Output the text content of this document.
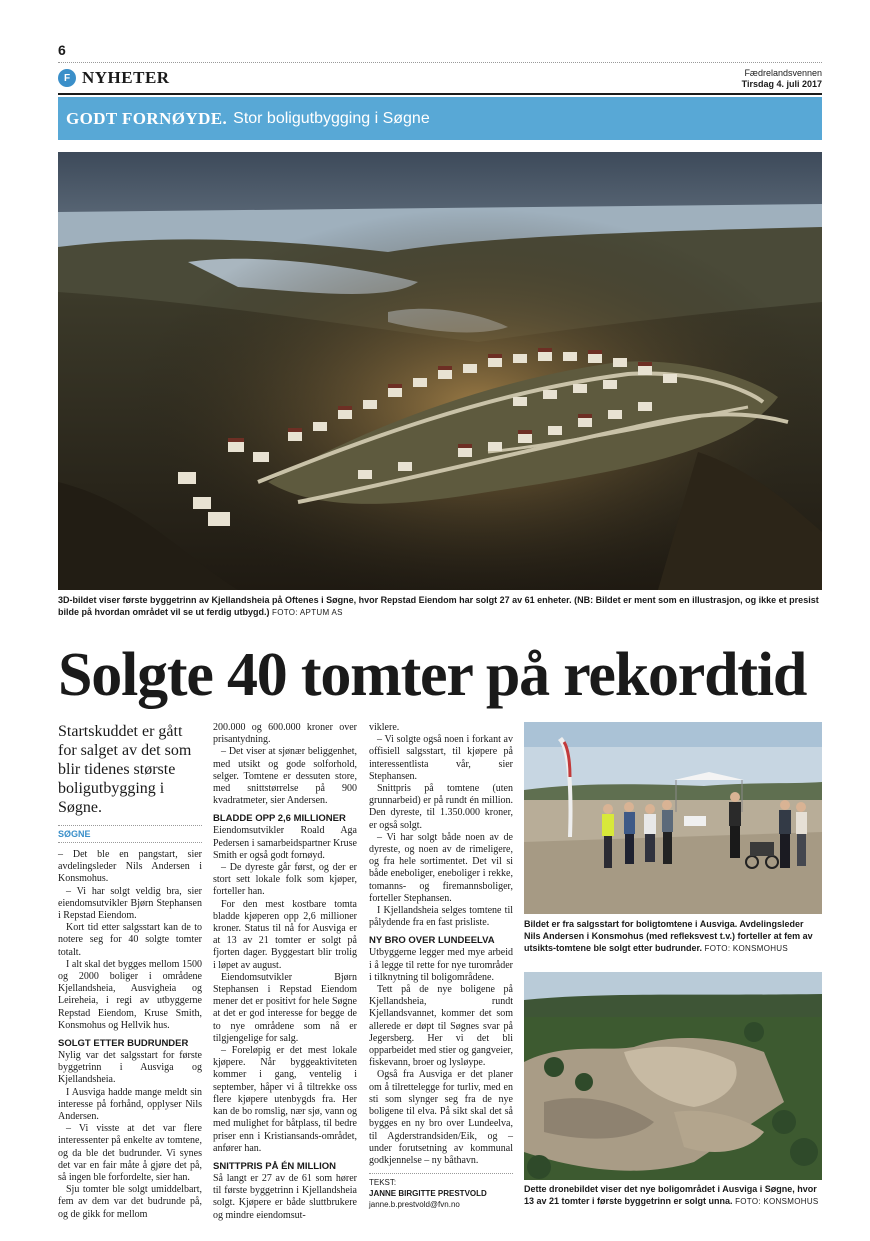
6
F NYHETER	Fædrelandsvennen
Tirsdag 4. juli 2017
GODT FORNØYDE. Stor boligutbygging i Søgne
3D-bildet viser første byggetrinn av Kjellandsheia på Oftenes i Søgne, hvor Repstad Eiendom har solgt 27 av 61 enheter. (NB: Bildet er ment som en illustrasjon, og ikke et presist bilde på hvordan området vil se ut ferdig utbygd.) FOTO: APTUM AS
Solgte 40 tomter på rekordtid
Startskuddet er gått for salget av det som blir tidenes største boligutbygging i Søgne.
SØGNE

– Det ble en pangstart, sier avdelingsleder Nils Andersen i Konsmohus.

– Vi har solgt veldig bra, sier eiendomsutvikler Bjørn Stephansen i Repstad Eiendom.

Kort tid etter salgsstart kan de to notere seg for 40 solgte tomter totalt.

I alt skal det bygges mellom 1500 og 2000 boliger i områdene Kjellandsheia, Ausvigheia og Leireheia, i regi av utbyggerne Repstad Eiendom, Kruse Smith, Konsmohus og Hellvik hus.

SOLGT ETTER BUDRUNDER

Nylig var det salgsstart for første byggetrinn i Ausviga og Kjellandsheia.

I Ausviga hadde mange meldt sin interesse på forhånd, opplyser Nils Andersen.

– Vi visste at det var flere interessenter på enkelte av tomtene, og da ble det budrunder. Vi synes det var en fair måte å gjøre det på, så ingen ble forfordelte, sier han.

Sju tomter ble solgt umiddelbart, fem av dem var det budrunde på, og de gikk for mellom

200.000 og 600.000 kroner over prisantydning.

– Det viser at sjønær beliggenhet, med utsikt og gode solforhold, selger. Tomtene er dessuten store, med snittstørrelse på 900 kvadratmeter, sier Andersen.

BLADDE OPP 2,6 MILLIONER

Eiendomsutvikler Roald Aga Pedersen i samarbeidspartner Kruse Smith er også godt fornøyd.

– De dyreste går først, og der er stort sett lokale folk som kjøper, forteller han.

For den mest kostbare tomta bladde kjøperen opp 2,6 millioner kroner. Status til nå for Ausviga er at 13 av 21 tomter er solgt på fjorten dager. Byggestart blir trolig i løpet av august.

Eiendomsutvikler Bjørn Stephansen i Repstad Eiendom mener det er positivt for hele Søgne at det er god interesse for begge de to nye områdene som nå er tilgjengelige for salg.

– Foreløpig er det mest lokale kjøpere. Når byggeaktiviteten kommer i gang, ventelig i september, håper vi å tiltrekke oss flere kjøpere utenbygds fra. Her kan de bo romslig, nær sjø, vann og med mulighet for båtplass, til bedre priser enn i Kristiansands-området, anfører han.

SNITTPRIS PÅ ÉN MILLION

Så langt er 27 av de 61 som hører til første byggetrinn i Kjellandsheia solgt. Kjøpere er både sluttbrukere og mindre eiendomsut-

viklere.

– Vi solgte også noen i forkant av offisiell salgsstart, til kjøpere på interessentlista vår, sier Stephansen.

Snittpris på tomtene (uten grunnarbeid) er på rundt én million. Den dyreste, til 1.350.000 kroner, er også solgt.

– Vi har solgt både noen av de dyreste, og noen av de rimeligere, og fra hele sortimentet. Det vil si både eneboliger, eneboliger i rekke, tomanns- og firemannsboliger, forteller Stephansen.

I Kjellandsheia selges tomtene til pålydende fra en fast prisliste.

NY BRO OVER LUNDEELVA

Utbyggerne legger med mye arbeid i å legge til rette for nye turområder i tilknytning til boligområdene.

Tett på de nye boligene på Kjellandsheia, rundt Kjellandsvannet, kommer det som allerede er døpt til Søgnes svar på Jegersberg. Her vi det bli opparbeidet med stier og gangveier, fiskevann, broer og lysløype.

Også fra Ausviga er det planer om å tilrettelegge for turliv, med en sti som slynger seg fra de nye boligene til elva. På sikt skal det så bygges en ny bro over Lundeelva, til Agderstrandsiden/Eik, og – under forutsetning av kommunal godkjennelse – ny båthavn.

TEKST:
JANNE BIRGITTE PRESTVOLD
janne.b.prestvold@fvn.no
Bildet er fra salgsstart for boligtomtene i Ausviga. Avdelingsleder Nils Andersen i Konsmohus (med refleksvest t.v.) forteller at fem av utsikts-tomtene ble solgt etter budrunder. FOTO: KONSMOHUS
Dette dronebildet viser det nye boligområdet i Ausviga i Søgne, hvor 13 av 21 tomter i første byggetrinn er solgt unna. FOTO: KONSMOHUS
